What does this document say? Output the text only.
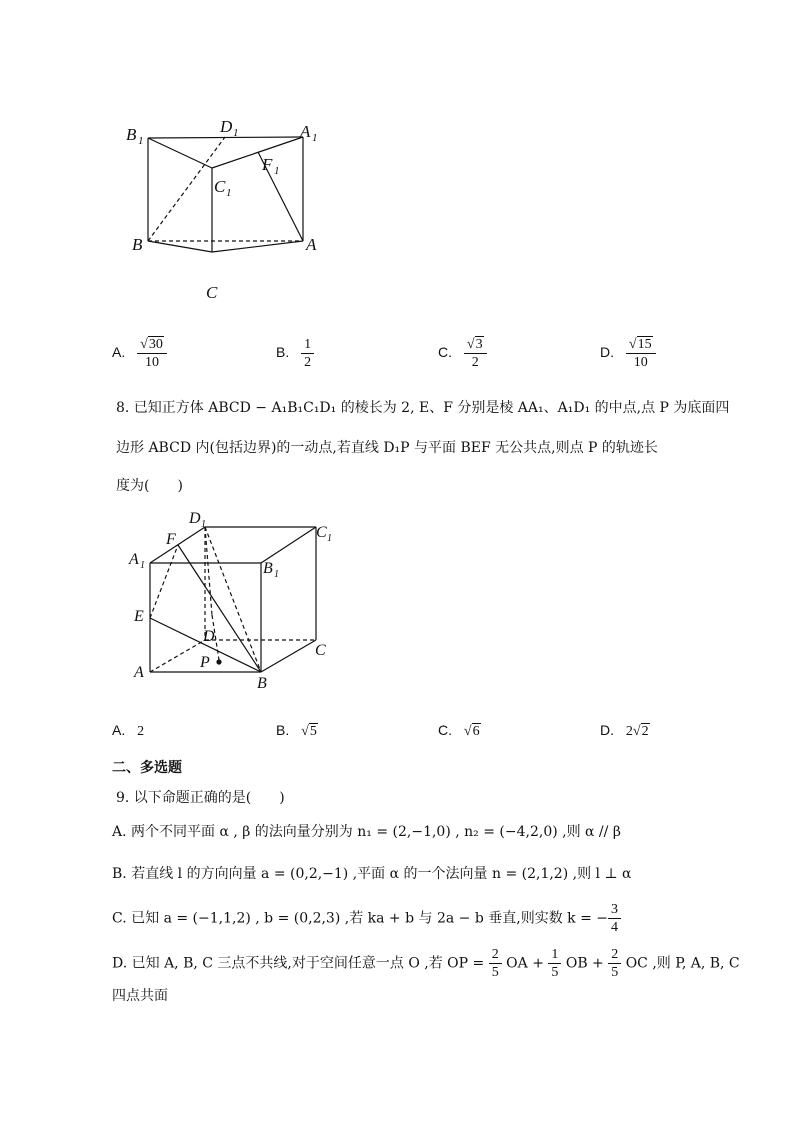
B 1
D 1	A 1
F 1
C 1
B	A
C
A. $\frac{√30}{10}$	B. $\frac{1}{2}$	C. $\frac{√3}{2}$	D. $\frac{√15}{10}$
8. 已知正方体 ABCD − A₁B₁C₁D₁ 的棱长为 2, E、F 分别是棱 AA₁、A₁D₁ 的中点,点 P 为底面四
边形 ABCD 内(包括边界)的一动点,若直线 D₁P 与平面 BEF 无公共点,则点 P 的轨迹长
度为(　　)
D 1	C 1
A 1
F
B 1
E
D
C
P
A
B
A. 2	B. √5	C. √6	D. 2√2
二、多选题
9. 以下命题正确的是(　　)
A. 两个不同平面 α , β 的法向量分别为 n₁ = (2,−1,0) , n₂ = (−4,2,0) ,则 α // β
B. 若直线 l 的方向向量 a = (0,2,−1) ,平面 α 的一个法向量 n = (2,1,2) ,则 l ⊥ α
C. 已知 a = (−1,1,2) , b = (0,2,3) ,若 ka + b 与 2a − b 垂直,则实数 k = − $\frac{3}{4}$
D. 已知 A, B, C 三点不共线,对于空间任意一点 O ,若 OP = $\frac{2}{5}$ OA + $\frac{1}{5}$ OB + $\frac{2}{5}$ OC ,则 P, A, B, C
四点共面
